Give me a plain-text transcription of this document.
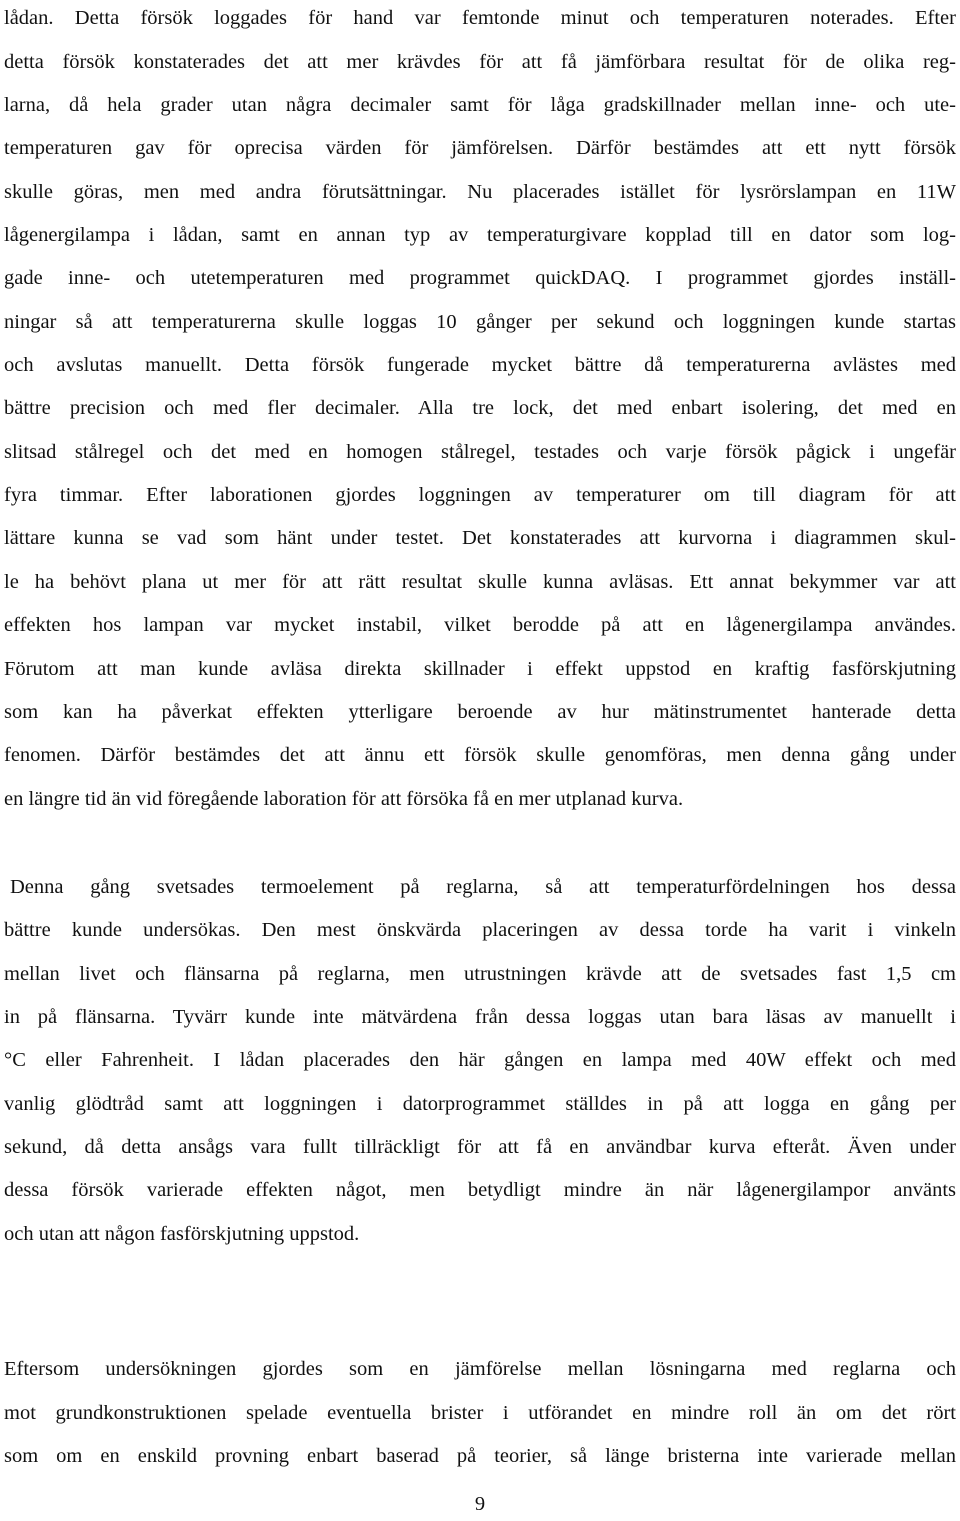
lådan. Detta försök loggades för hand var femtonde minut och temperaturen noterades. Efter
detta försök konstaterades det att mer krävdes för att få jämförbara resultat för de olika reg-
larna, då hela grader utan några decimaler samt för låga gradskillnader mellan inne- och ute-
temperaturen gav för oprecisa värden för jämförelsen. Därför bestämdes att ett nytt försök
skulle göras, men med andra förutsättningar. Nu placerades istället för lysrörslampan en 11W
lågenergilampa i lådan, samt en annan typ av temperaturgivare kopplad till en dator som log-
gade inne- och utetemperaturen med programmet quickDAQ. I programmet gjordes inställ-
ningar så att temperaturerna skulle loggas 10 gånger per sekund och loggningen kunde startas
och avslutas manuellt. Detta försök fungerade mycket bättre då temperaturerna avlästes med
bättre precision och med fler decimaler. Alla tre lock, det med enbart isolering, det med en
slitsad stålregel och det med en homogen stålregel, testades och varje försök pågick i ungefär
fyra timmar. Efter laborationen gjordes loggningen av temperaturer om till diagram för att
lättare kunna se vad som hänt under testet. Det konstaterades att kurvorna i diagrammen skul-
le ha behövt plana ut mer för att rätt resultat skulle kunna avläsas. Ett annat bekymmer var att
effekten hos lampan var mycket instabil, vilket berodde på att en lågenergilampa användes.
Förutom att man kunde avläsa direkta skillnader i effekt uppstod en kraftig fasförskjutning
som kan ha påverkat effekten ytterligare beroende av hur mätinstrumentet hanterade detta
fenomen. Därför bestämdes det att ännu ett försök skulle genomföras, men denna gång under
en längre tid än vid föregående laboration för att försöka få en mer utplanad kurva.
Denna gång svetsades termoelement på reglarna, så att temperaturfördelningen hos dessa
bättre kunde undersökas. Den mest önskvärda placeringen av dessa torde ha varit i vinkeln
mellan livet och flänsarna på reglarna, men utrustningen krävde att de svetsades fast 1,5 cm
in på flänsarna. Tyvärr kunde inte mätvärdena från dessa loggas utan bara läsas av manuellt i
°C eller Fahrenheit. I lådan placerades den här gången en lampa med 40W effekt och med
vanlig glödtråd samt att loggningen i datorprogrammet ställdes in på att logga en gång per
sekund, då detta ansågs vara fullt tillräckligt för att få en användbar kurva efteråt. Även under
dessa försök varierade effekten något, men betydligt mindre än när lågenergilampor använts
och utan att någon fasförskjutning uppstod.
Eftersom undersökningen gjordes som en jämförelse mellan lösningarna med reglarna och
mot grundkonstruktionen spelade eventuella brister i utförandet en mindre roll än om det rört
som om en enskild provning enbart baserad på teorier, så länge bristerna inte varierade mellan
9
